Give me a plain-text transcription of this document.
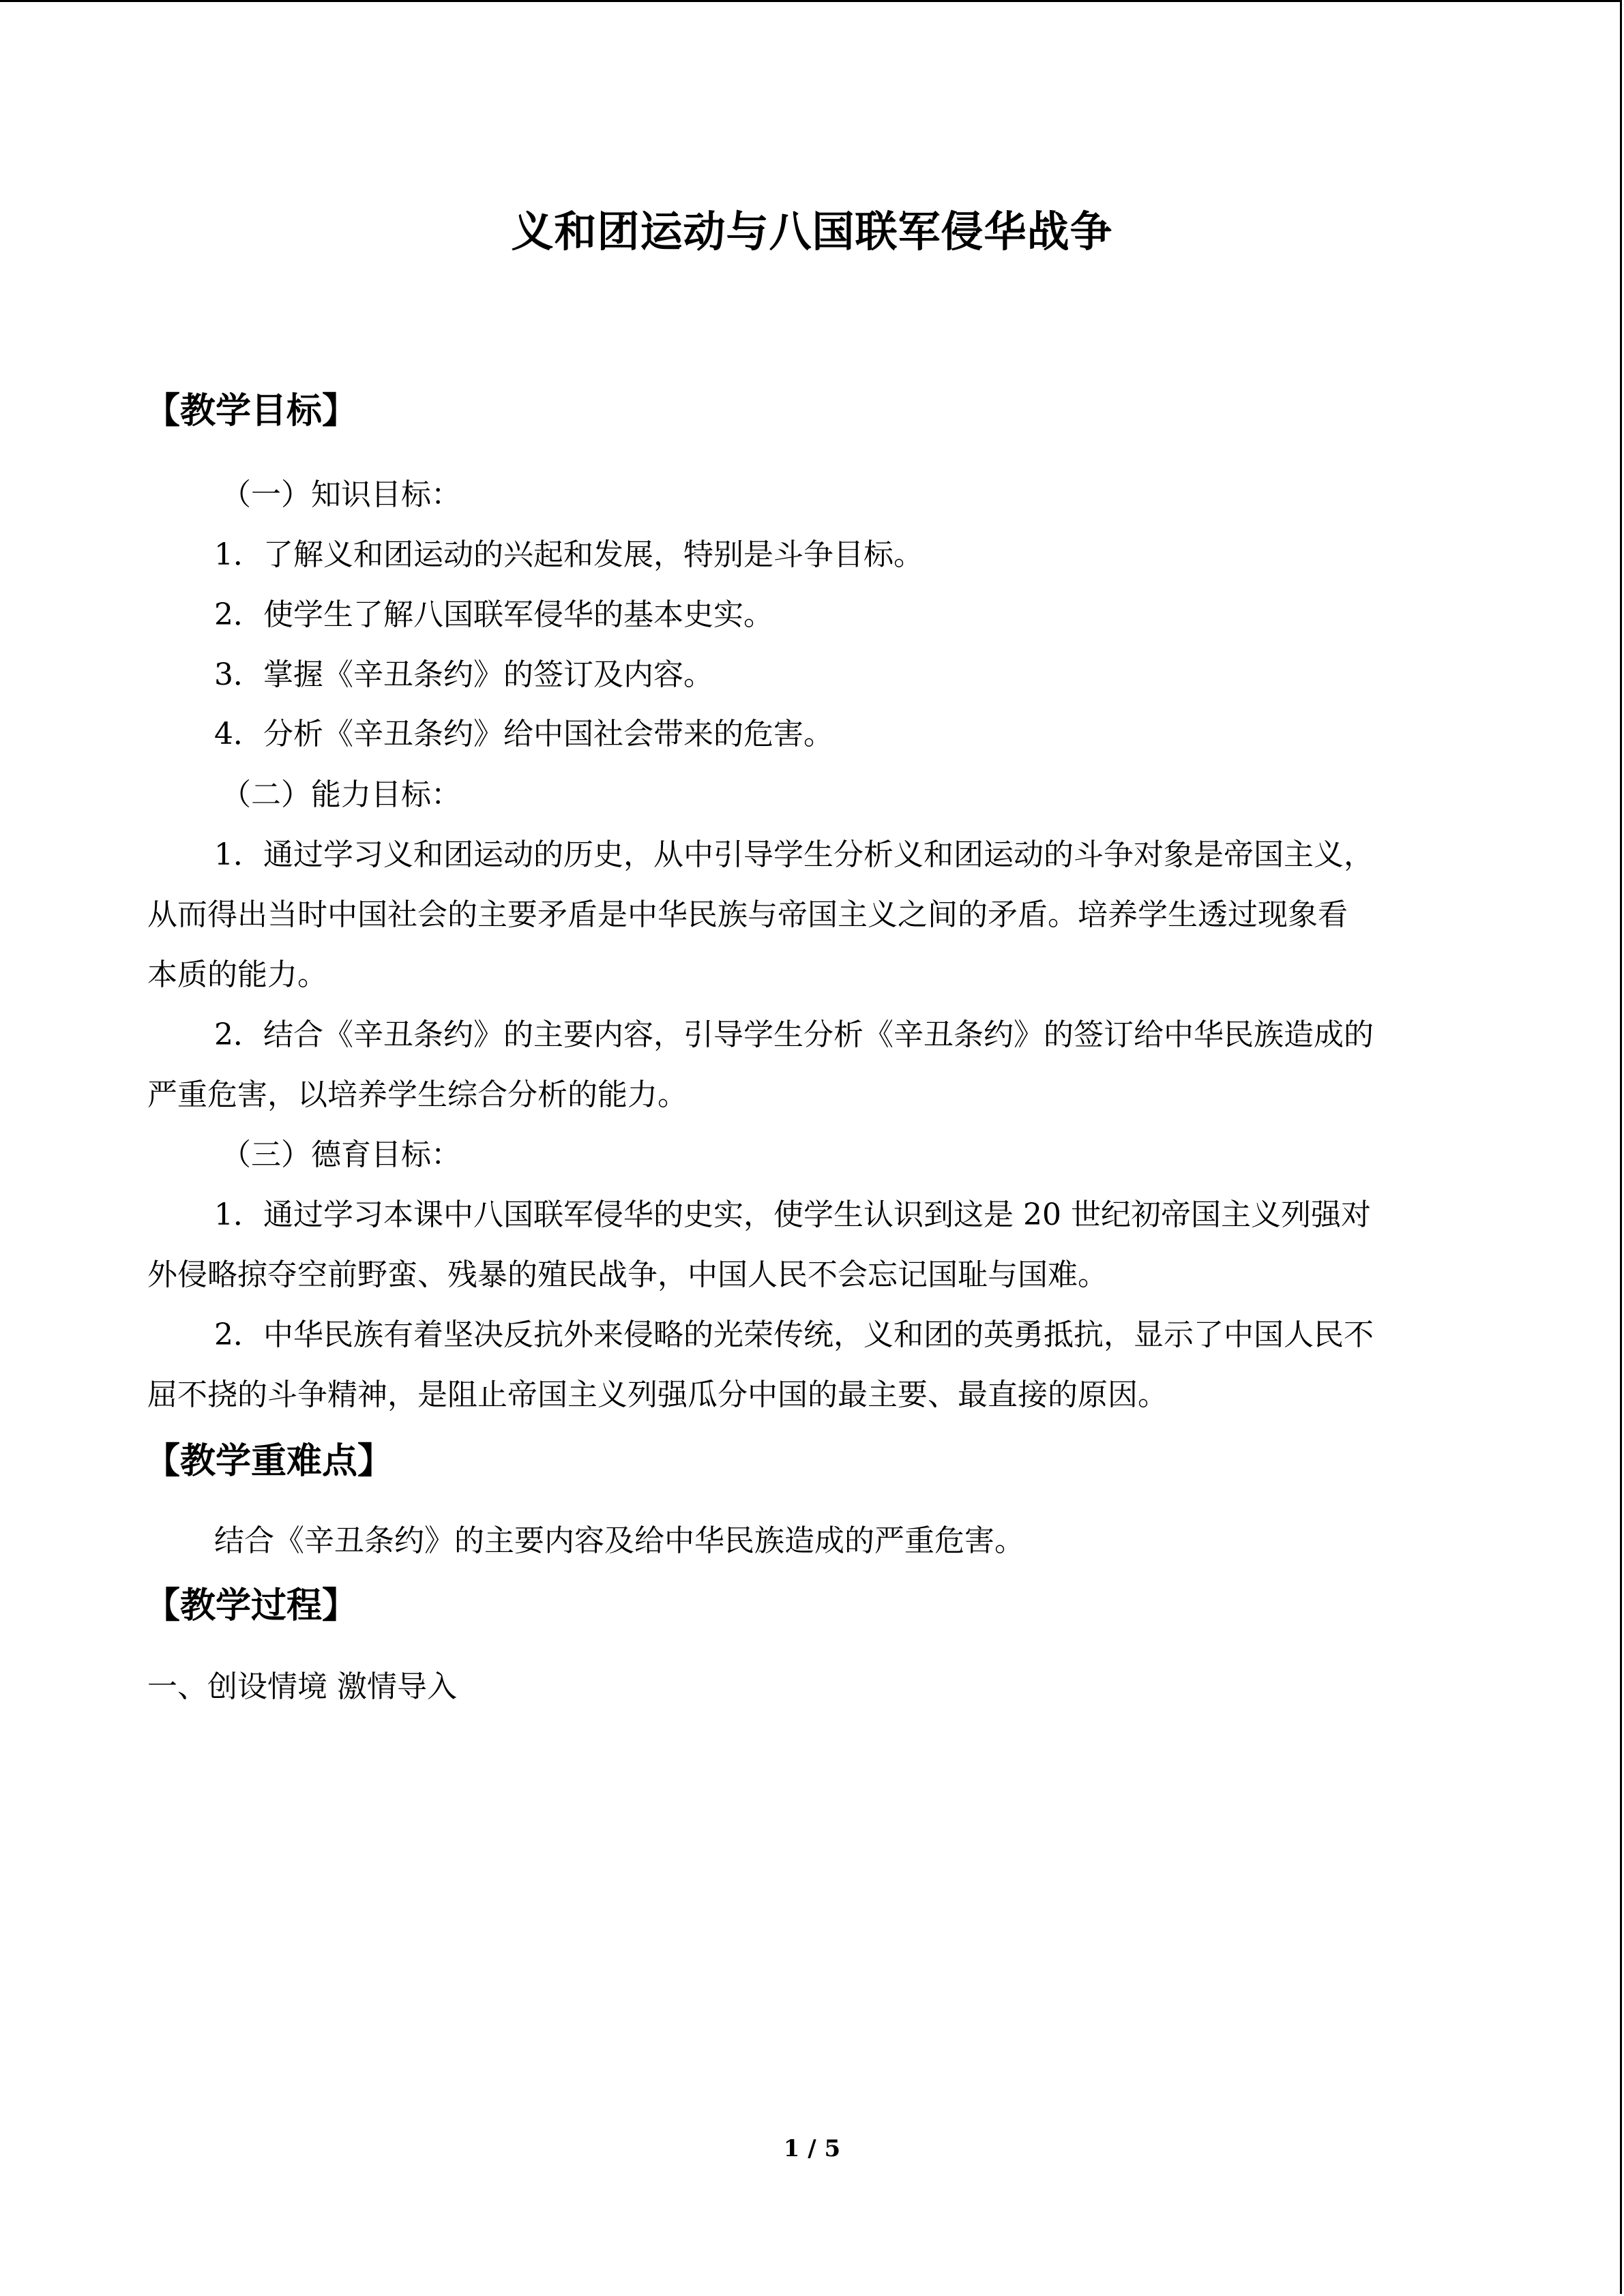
义和团运动与八国联军侵华战争
【教学目标】
（一）知识目标：
1．了解义和团运动的兴起和发展，特别是斗争目标。
2．使学生了解八国联军侵华的基本史实。
3．掌握《辛丑条约》的签订及内容。
4．分析《辛丑条约》给中国社会带来的危害。
（二）能力目标：
1．通过学习义和团运动的历史，从中引导学生分析义和团运动的斗争对象是帝国主义，
从而得出当时中国社会的主要矛盾是中华民族与帝国主义之间的矛盾。培养学生透过现象看
本质的能力。
2．结合《辛丑条约》的主要内容，引导学生分析《辛丑条约》的签订给中华民族造成的
严重危害，以培养学生综合分析的能力。
（三）德育目标：
1．通过学习本课中八国联军侵华的史实，使学生认识到这是 20 世纪初帝国主义列强对
外侵略掠夺空前野蛮、残暴的殖民战争，中国人民不会忘记国耻与国难。
2．中华民族有着坚决反抗外来侵略的光荣传统，义和团的英勇抵抗，显示了中国人民不
屈不挠的斗争精神，是阻止帝国主义列强瓜分中国的最主要、最直接的原因。
【教学重难点】
结合《辛丑条约》的主要内容及给中华民族造成的严重危害。
【教学过程】
一、创设情境 激情导入
1 / 5
